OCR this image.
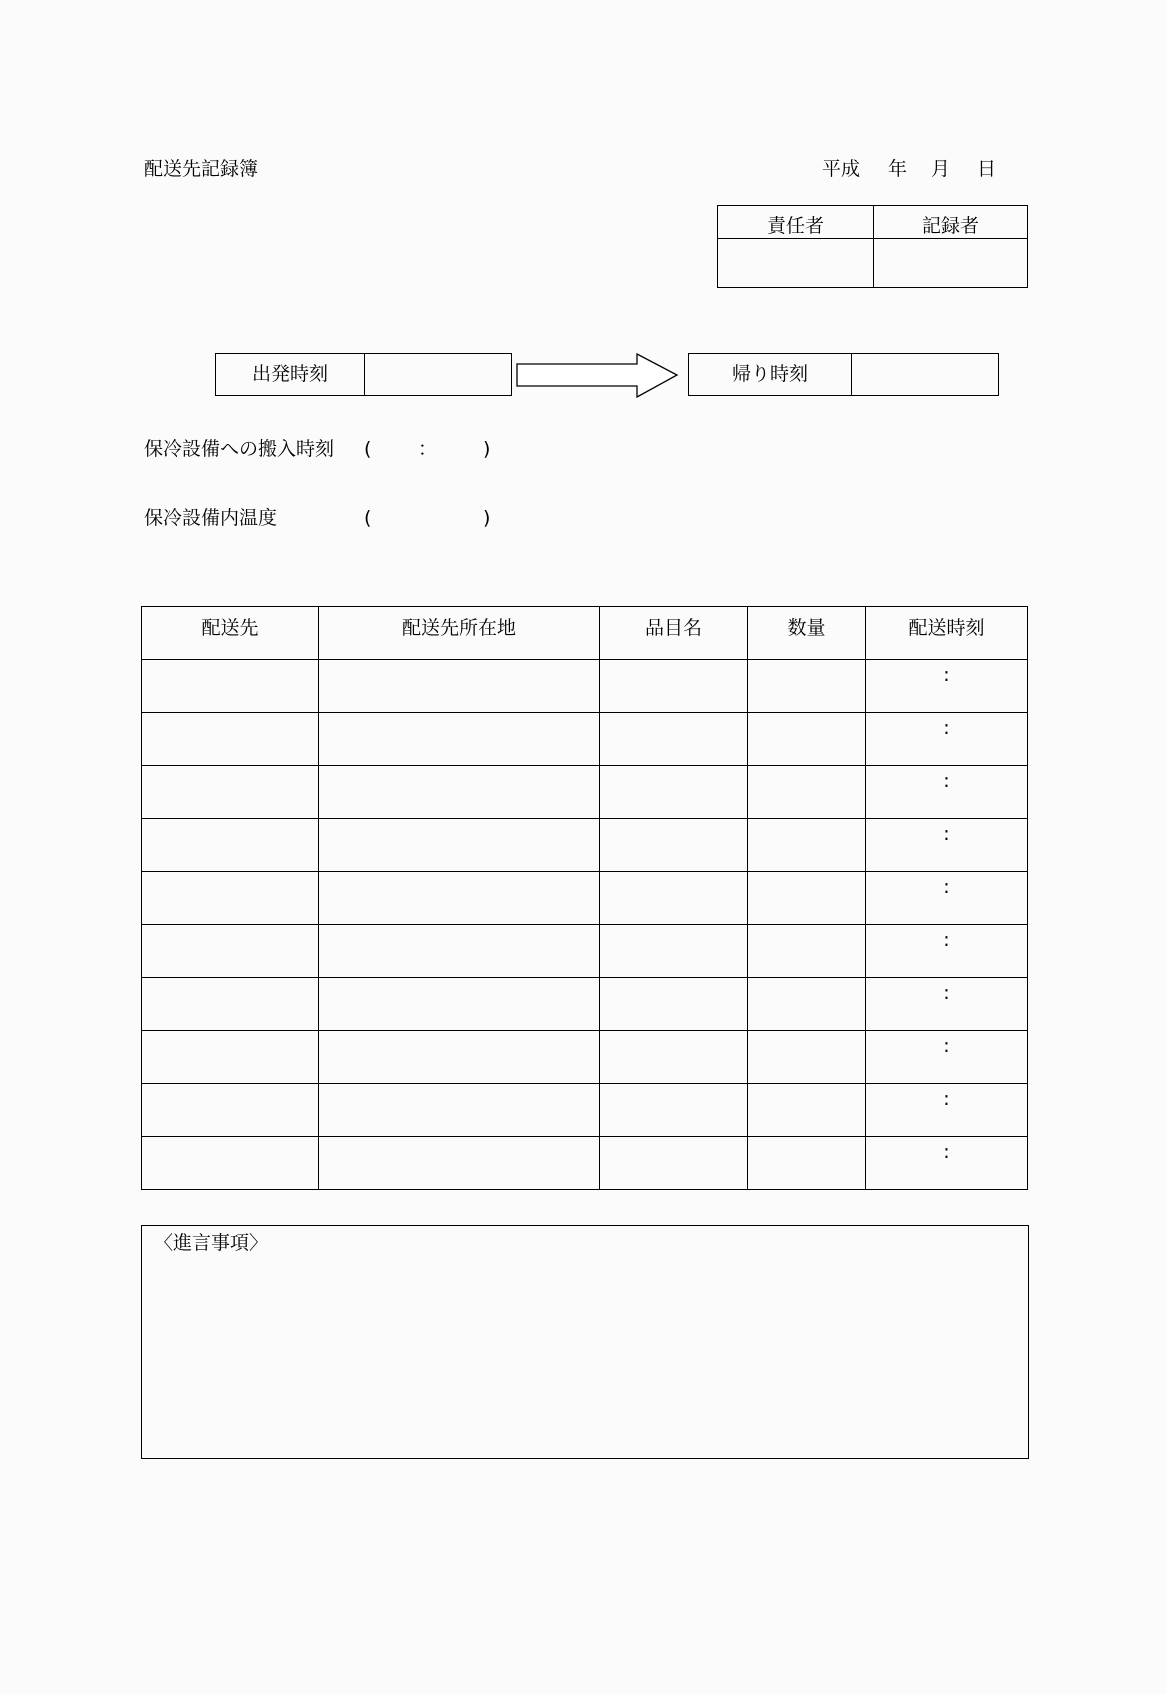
配送先記録簿	平成 年 月 日
責任者	記録者

出発時刻		帰り時刻	
保冷設備への搬入時刻 ( ： )
保冷設備内温度	(	)
配送先	配送先所在地	品目名	数量	配送時刻
				:
				:
				:
				:
				:
				:
				:
				:
				:
				:
〈進言事項〉
